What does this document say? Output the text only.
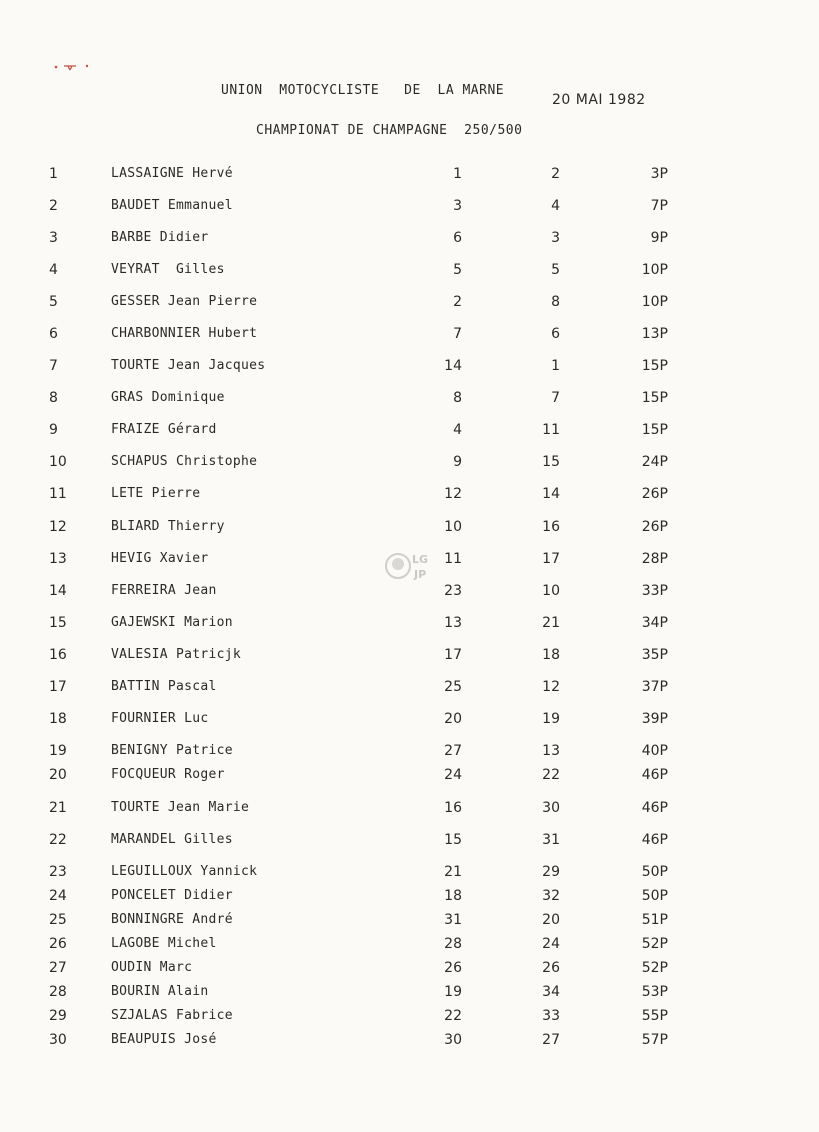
UNION  MOTOCYCLISTE   DE  LA MARNE
20 MAI 1982
CHAMPIONAT DE CHAMPAGNE  250/500
1	LASSAIGNE Hervé	1	2	3P
2	BAUDET Emmanuel	3	4	7P
3	BARBE Didier	6	3	9P
4	VEYRAT  Gilles	5	5	10P
5	GESSER Jean Pierre	2	8	10P
6	CHARBONNIER Hubert	7	6	13P
7	TOURTE Jean Jacques	14	1	15P
8	GRAS Dominique	8	7	15P
9	FRAIZE Gérard	4	11	15P
10	SCHAPUS Christophe	9	15	24P
11	LETE Pierre	12	14	26P
12	BLIARD Thierry	10	16	26P
13	HEVIG Xavier	11	17	28P
14	FERREIRA Jean	23	10	33P
15	GAJEWSKI Marion	13	21	34P
16	VALESIA Patricjk	17	18	35P
17	BATTIN Pascal	25	12	37P
18	FOURNIER Luc	20	19	39P
19	BENIGNY Patrice	27	13	40P
20	FOCQUEUR Roger	24	22	46P
21	TOURTE Jean Marie	16	30	46P
22	MARANDEL Gilles	15	31	46P
23	LEGUILLOUX Yannick	21	29	50P
24	PONCELET Didier	18	32	50P
25	BONNINGRE André	31	20	51P
26	LAGOBE Michel	28	24	52P
27	OUDIN Marc	26	26	52P
28	BOURIN Alain	19	34	53P
29	SZJALAS Fabrice	22	33	55P
30	BEAUPUIS José	30	27	57P
LG
JP
